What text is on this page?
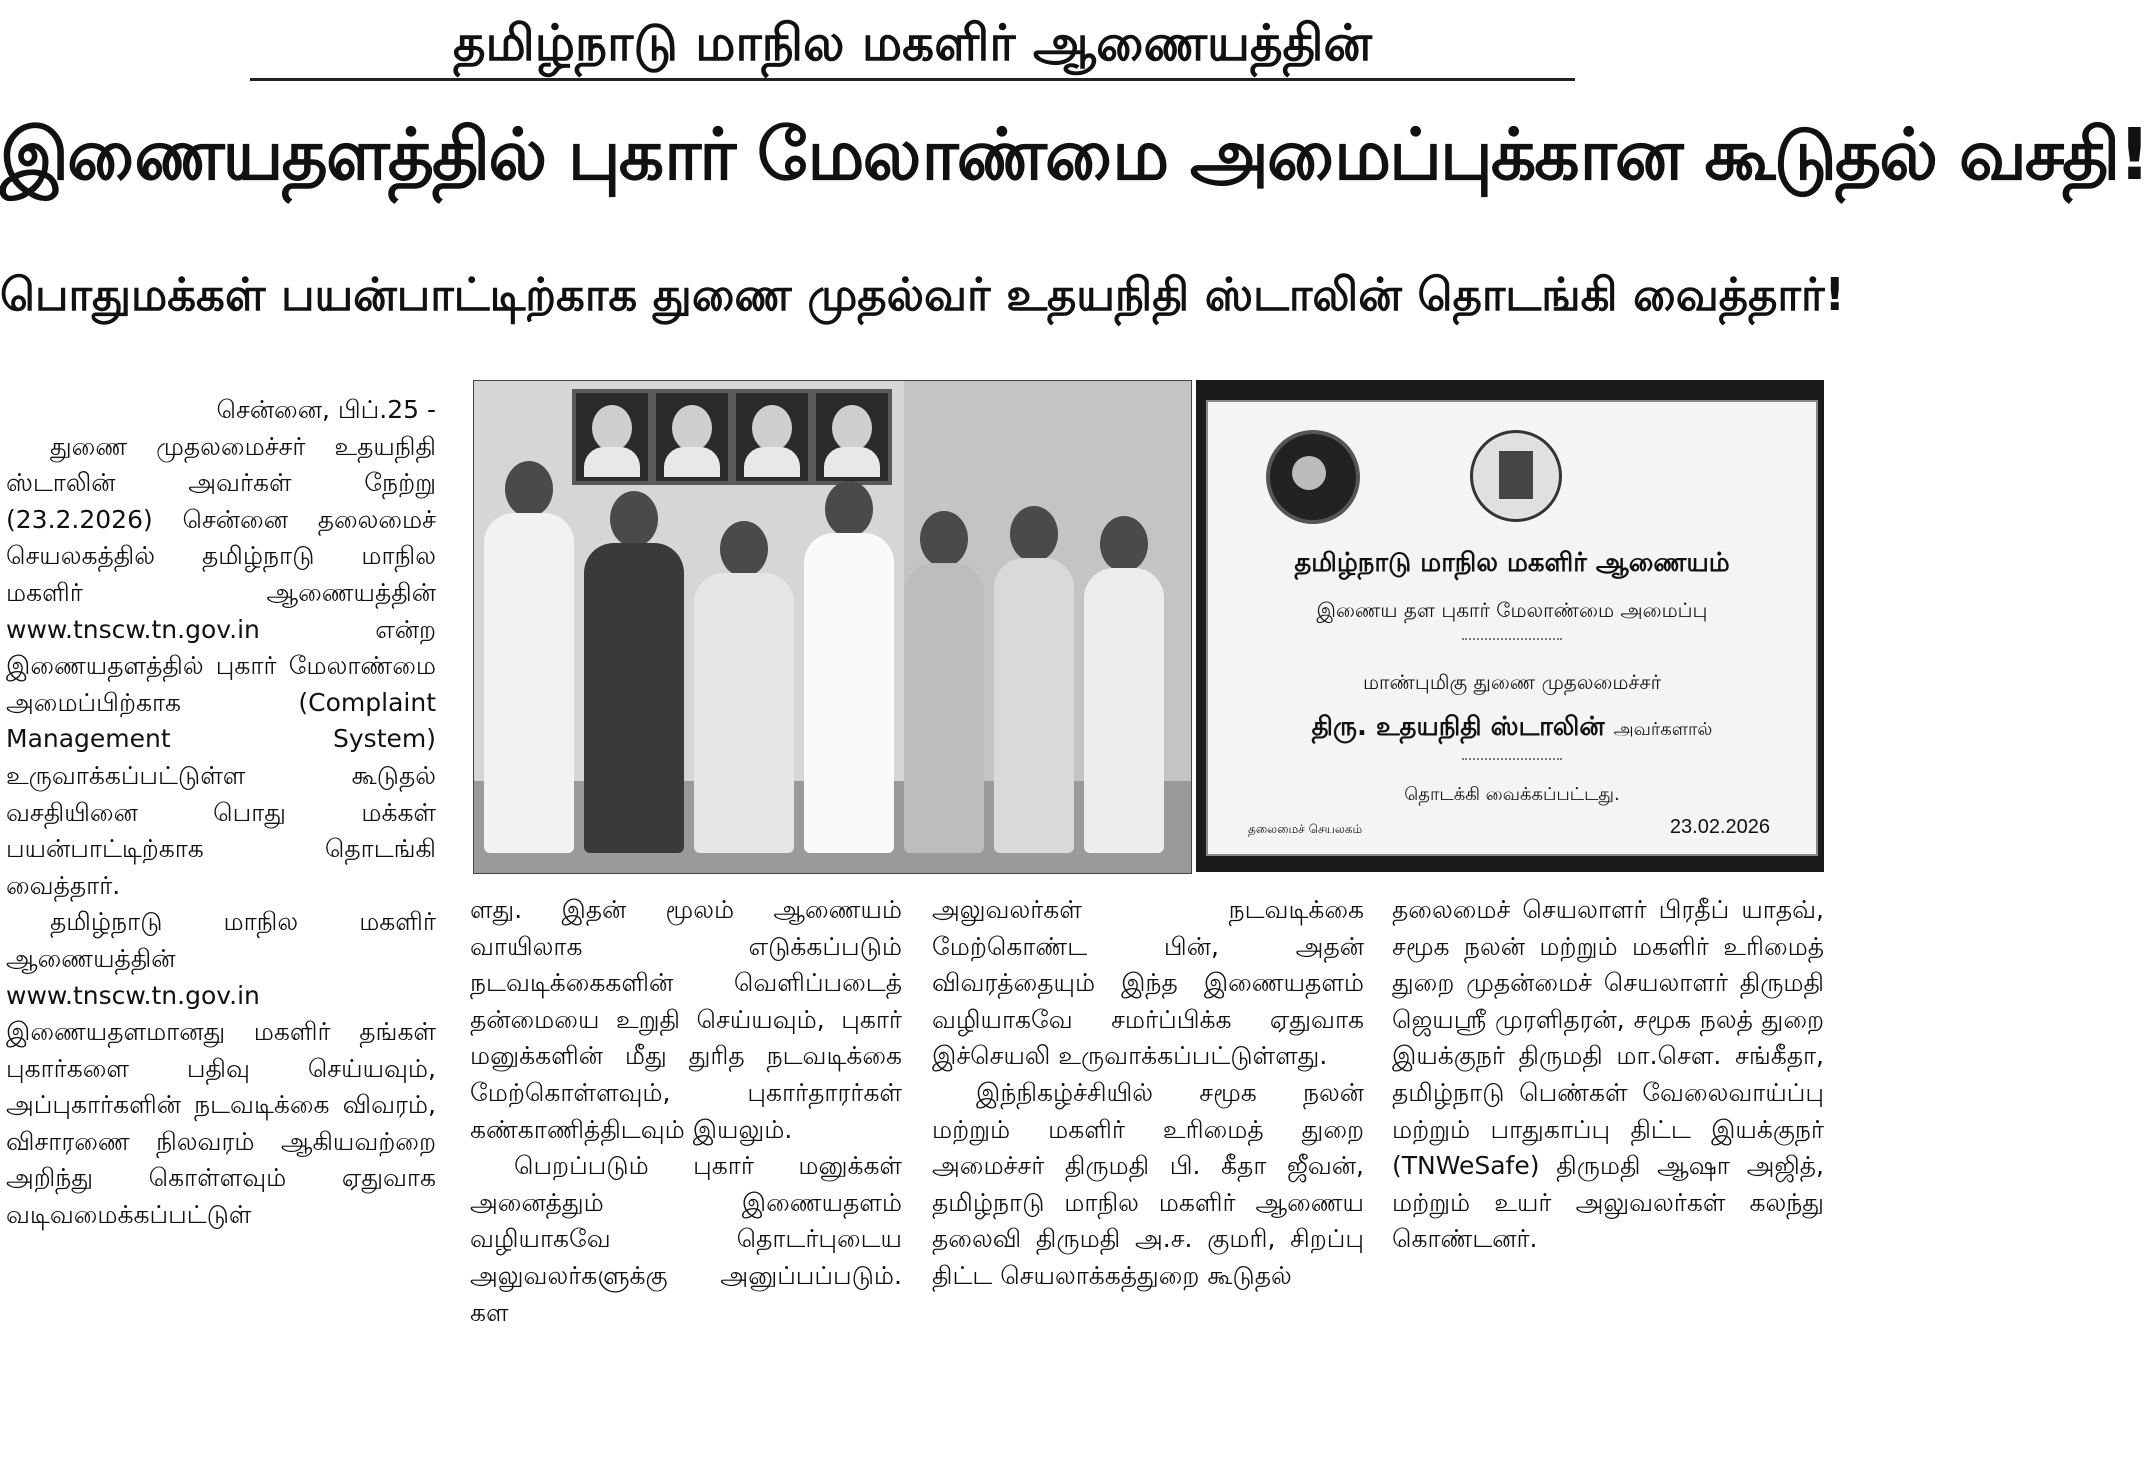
தமிழ்நாடு மாநில மகளிர் ஆணையத்தின்
இணையதளத்தில் புகார் மேலாண்மை அமைப்புக்கான கூடுதல் வசதி!
பொதுமக்கள் பயன்பாட்டிற்காக துணை முதல்வர் உதயநிதி ஸ்டாலின் தொடங்கி வைத்தார்!

சென்னை, பிப்.25 -

துணை முதலமைச்சர் உதயநிதி ஸ்டாலின் அவர்கள் நேற்று (23.2.2026) சென்னை தலைமைச் செயலகத்தில் தமிழ்நாடு மாநில மகளிர் ஆணையத்தின் www.tnscw.tn.gov.in என்ற இணையதளத்தில் புகார் மேலாண்மை அமைப்பிற்காக (Complaint Management System) உருவாக்கப்பட்டுள்ள கூடுதல் வசதியினை பொது மக்கள் பயன்பாட்டிற்காக தொடங்கி வைத்தார்.

தமிழ்நாடு மாநில மகளிர் ஆணையத்தின் www.tnscw.tn.gov.in இணையதளமானது மகளிர் தங்கள் புகார்களை பதிவு செய்யவும், அப்புகார்களின் நடவடிக்கை விவரம், விசாரணை நிலவரம் ஆகியவற்றை அறிந்து கொள்ளவும் ஏதுவாக வடிவமைக்கப்பட்டுள்

தமிழ்நாடு மாநில மகளிர் ஆணையம்
இணைய தள புகார் மேலாண்மை அமைப்பு
மாண்புமிகு துணை முதலமைச்சர்
திரு. உதயநிதி ஸ்டாலின் அவர்களால்
தொடக்கி வைக்கப்பட்டது.
தலைமைச் செயலகம்	23.02.2026

ளது. இதன் மூலம் ஆணையம் வாயிலாக எடுக்கப்படும் நடவடிக்கைகளின் வெளிப்படைத் தன்மையை உறுதி செய்யவும், புகார் மனுக்களின் மீது துரித நடவடிக்கை மேற்கொள்ளவும், புகார்தாரர்கள் கண்காணித்திடவும் இயலும்.

பெறப்படும் புகார் மனுக்கள் அனைத்தும் இணையதளம் வழியாகவே தொடர்புடைய அலுவலர்களுக்கு அனுப்பப்படும். கள

அலுவலர்கள் நடவடிக்கை மேற்கொண்ட பின், அதன் விவரத்தையும் இந்த இணையதளம் வழியாகவே சமர்ப்பிக்க ஏதுவாக இச்செயலி உருவாக்கப்பட்டுள்ளது.

இந்நிகழ்ச்சியில் சமூக நலன் மற்றும் மகளிர் உரிமைத் துறை அமைச்சர் திருமதி பி. கீதா ஜீவன், தமிழ்நாடு மாநில மகளிர் ஆணைய தலைவி திருமதி அ.ச. குமரி, சிறப்பு திட்ட செயலாக்கத்துறை கூடுதல்

தலைமைச் செயலாளர் பிரதீப் யாதவ், சமூக நலன் மற்றும் மகளிர் உரிமைத் துறை முதன்மைச் செயலாளர் திருமதி ஜெயஸ்ரீ முரளிதரன், சமூக நலத் துறை இயக்குநர் திருமதி மா.சௌ. சங்கீதா, தமிழ்நாடு பெண்கள் வேலைவாய்ப்பு மற்றும் பாதுகாப்பு திட்ட இயக்குநர் (TNWeSafe) திருமதி ஆஷா அஜித், மற்றும் உயர் அலுவலர்கள் கலந்து கொண்டனர்.
